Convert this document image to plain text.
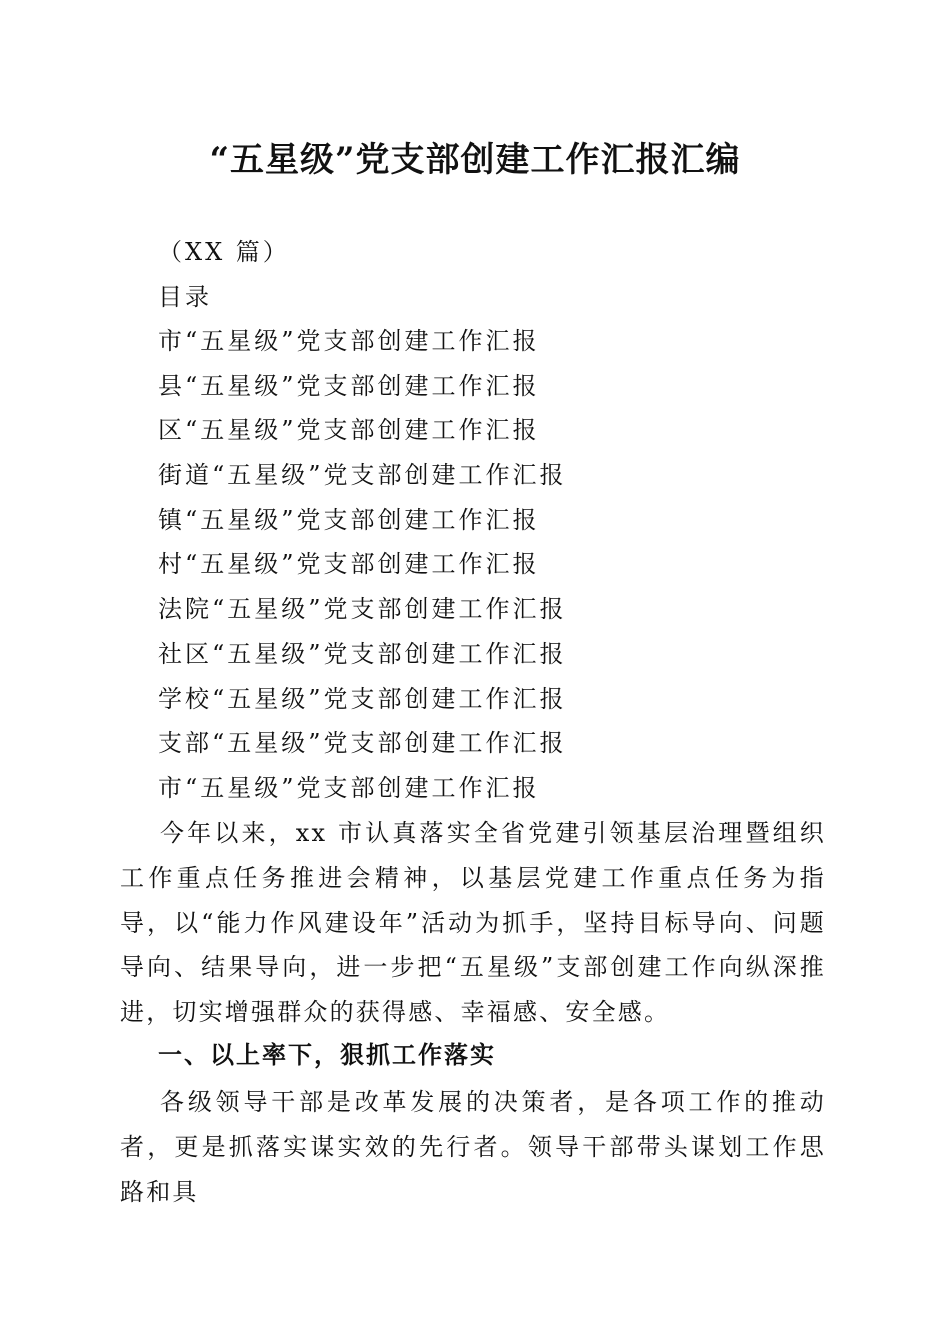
“五星级”党支部创建工作汇报汇编
（XX 篇）
目录
市“五星级”党支部创建工作汇报
县“五星级”党支部创建工作汇报
区“五星级”党支部创建工作汇报
街道“五星级”党支部创建工作汇报
镇“五星级”党支部创建工作汇报
村“五星级”党支部创建工作汇报
法院“五星级”党支部创建工作汇报
社区“五星级”党支部创建工作汇报
学校“五星级”党支部创建工作汇报
支部“五星级”党支部创建工作汇报
市“五星级”党支部创建工作汇报

今年以来，xx 市认真落实全省党建引领基层治理暨组织工作重点任务推进会精神，以基层党建工作重点任务为指导，以“能力作风建设年”活动为抓手，坚持目标导向、问题导向、结果导向，进一步把“五星级”支部创建工作向纵深推进，切实增强群众的获得感、幸福感、安全感。

一、以上率下，狠抓工作落实

各级领导干部是改革发展的决策者，是各项工作的推动者，更是抓落实谋实效的先行者。领导干部带头谋划工作思路和具
